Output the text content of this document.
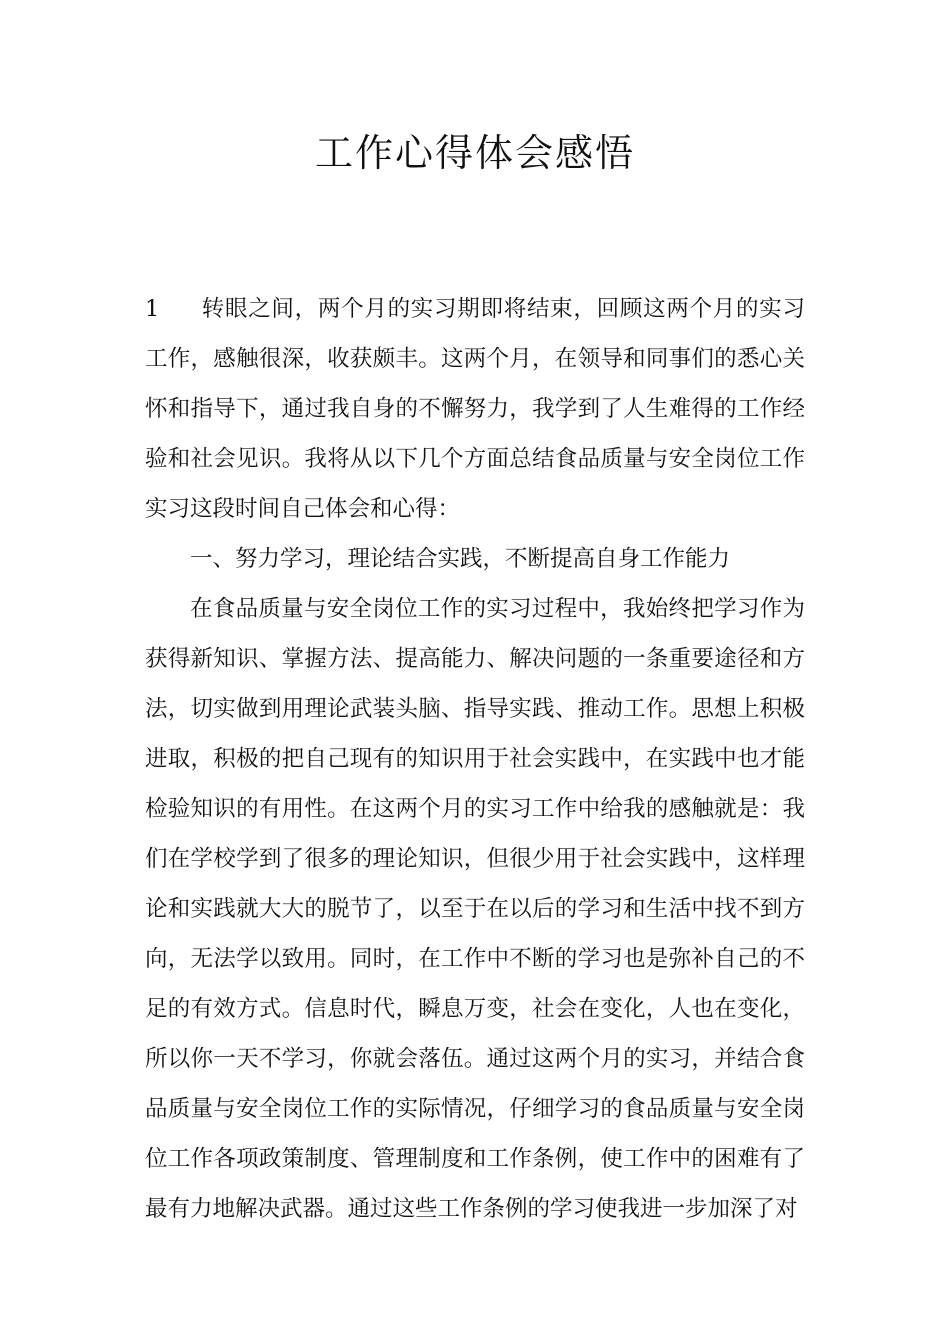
工作心得体会感悟

1 转眼之间，两个月的实习期即将结束，回顾这两个月的实习工作，感触很深，收获颇丰。这两个月，在领导和同事们的悉心关怀和指导下，通过我自身的不懈努力，我学到了人生难得的工作经验和社会见识。我将从以下几个方面总结食品质量与安全岗位工作实习这段时间自己体会和心得：

一、努力学习，理论结合实践，不断提高自身工作能力

在食品质量与安全岗位工作的实习过程中，我始终把学习作为获得新知识、掌握方法、提高能力、解决问题的一条重要途径和方法，切实做到用理论武装头脑、指导实践、推动工作。思想上积极进取，积极的把自己现有的知识用于社会实践中，在实践中也才能检验知识的有用性。在这两个月的实习工作中给我的感触就是：我们在学校学到了很多的理论知识，但很少用于社会实践中，这样理论和实践就大大的脱节了，以至于在以后的学习和生活中找不到方向，无法学以致用。同时，在工作中不断的学习也是弥补自己的不足的有效方式。信息时代，瞬息万变，社会在变化，人也在变化，所以你一天不学习，你就会落伍。通过这两个月的实习，并结合食品质量与安全岗位工作的实际情况，仔细学习的食品质量与安全岗位工作各项政策制度、管理制度和工作条例，使工作中的困难有了最有力地解决武器。通过这些工作条例的学习使我进一步加深了对
